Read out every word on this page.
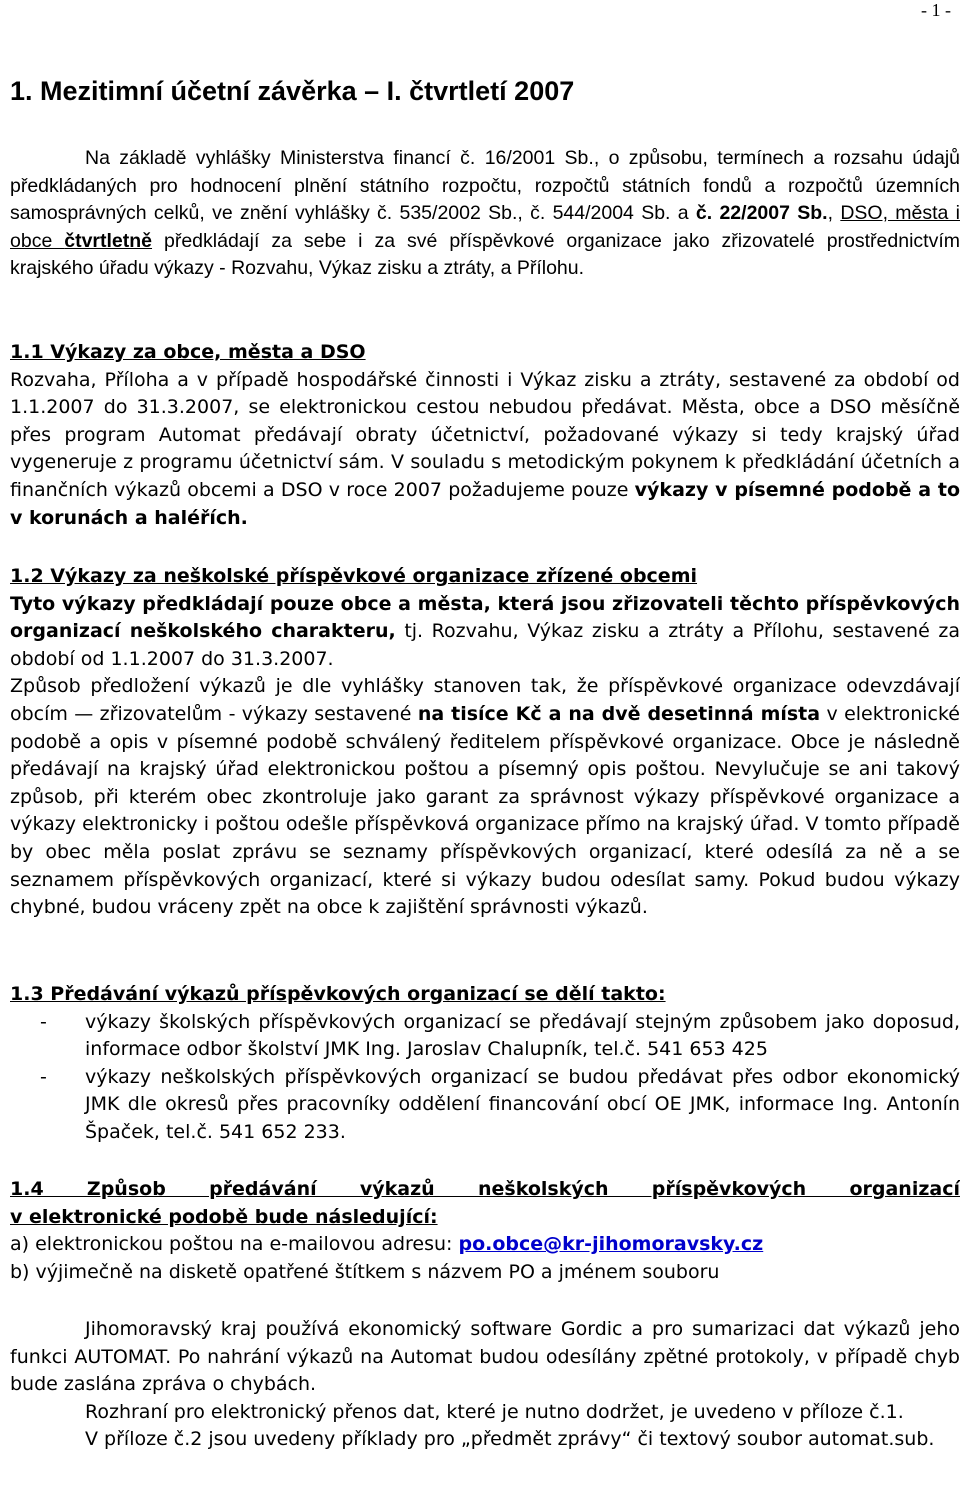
- 1 -
1. Mezitimní účetní závěrka – I. čtvrtletí 2007

Na základě vyhlášky Ministerstva financí č. 16/2001 Sb., o způsobu, termínech a rozsahu údajů předkládaných pro hodnocení plnění státního rozpočtu, rozpočtů státních fondů a rozpočtů územních samosprávných celků, ve znění vyhlášky č. 535/2002 Sb., č. 544/2004 Sb. a č. 22/2007 Sb., DSO, města i obce čtvrtletně předkládají za sebe i za své příspěvkové organizace jako zřizovatelé prostřednictvím krajského úřadu výkazy - Rozvahu, Výkaz zisku a ztráty, a Přílohu.

1.1 Výkazy za obce, města a DSO

Rozvaha, Příloha a v případě hospodářské činnosti i Výkaz zisku a ztráty, sestavené za období od 1.1.2007 do 31.3.2007, se elektronickou cestou nebudou předávat. Města, obce a DSO měsíčně přes program Automat předávají obraty účetnictví, požadované výkazy si tedy krajský úřad vygeneruje z programu účetnictví sám. V souladu s metodickým pokynem k předkládání účetních a finančních výkazů obcemi a DSO v roce 2007 požadujeme pouze výkazy v písemné podobě a to v korunách a haléřích.

1.2 Výkazy za neškolské příspěvkové organizace zřízené obcemi

Tyto výkazy předkládají pouze obce a města, která jsou zřizovateli těchto příspěvkových organizací neškolského charakteru, tj. Rozvahu, Výkaz zisku a ztráty a Přílohu, sestavené za období od 1.1.2007 do 31.3.2007.

Způsob předložení výkazů je dle vyhlášky stanoven tak, že příspěvkové organizace odevzdávají obcím — zřizovatelům - výkazy sestavené na tisíce Kč a na dvě desetinná místa v elektronické podobě a opis v písemné podobě schválený ředitelem příspěvkové organizace. Obce je následně předávají na krajský úřad elektronickou poštou a písemný opis poštou. Nevylučuje se ani takový způsob, při kterém obec zkontroluje jako garant za správnost výkazy příspěvkové organizace a výkazy elektronicky i poštou odešle příspěvková organizace přímo na krajský úřad. V tomto případě by obec měla poslat zprávu se seznamy příspěvkových organizací, které odesílá za ně a se seznamem příspěvkových organizací, které si výkazy budou odesílat samy. Pokud budou výkazy chybné, budou vráceny zpět na obce k zajištění správnosti výkazů.

1.3 Předávání výkazů příspěvkových organizací se dělí takto:

-	výkazy školských příspěvkových organizací se předávají stejným způsobem jako doposud, informace odbor školství JMK Ing. Jaroslav Chalupník, tel.č. 541 653 425
-	výkazy neškolských příspěvkových organizací se budou předávat přes odbor ekonomický JMK dle okresů přes pracovníky oddělení financování obcí OE JMK, informace Ing. Antonín Špaček, tel.č. 541 652 233.

1.4 Způsob předávání výkazů neškolských příspěvkových organizací

v elektronické podobě bude následující:

a) elektronickou poštou na e-mailovou adresu: po.obce@kr-jihomoravsky.cz

b) výjimečně na disketě opatřené štítkem s názvem PO a jménem souboru

Jihomoravský kraj používá ekonomický software Gordic a pro sumarizaci dat výkazů jeho funkci AUTOMAT. Po nahrání výkazů na Automat budou odesílány zpětné protokoly, v případě chyb bude zaslána zpráva o chybách.

Rozhraní pro elektronický přenos dat, které je nutno dodržet, je uvedeno v příloze č.1.

V příloze č.2 jsou uvedeny příklady pro „předmět zprávy“ či textový soubor automat.sub.
